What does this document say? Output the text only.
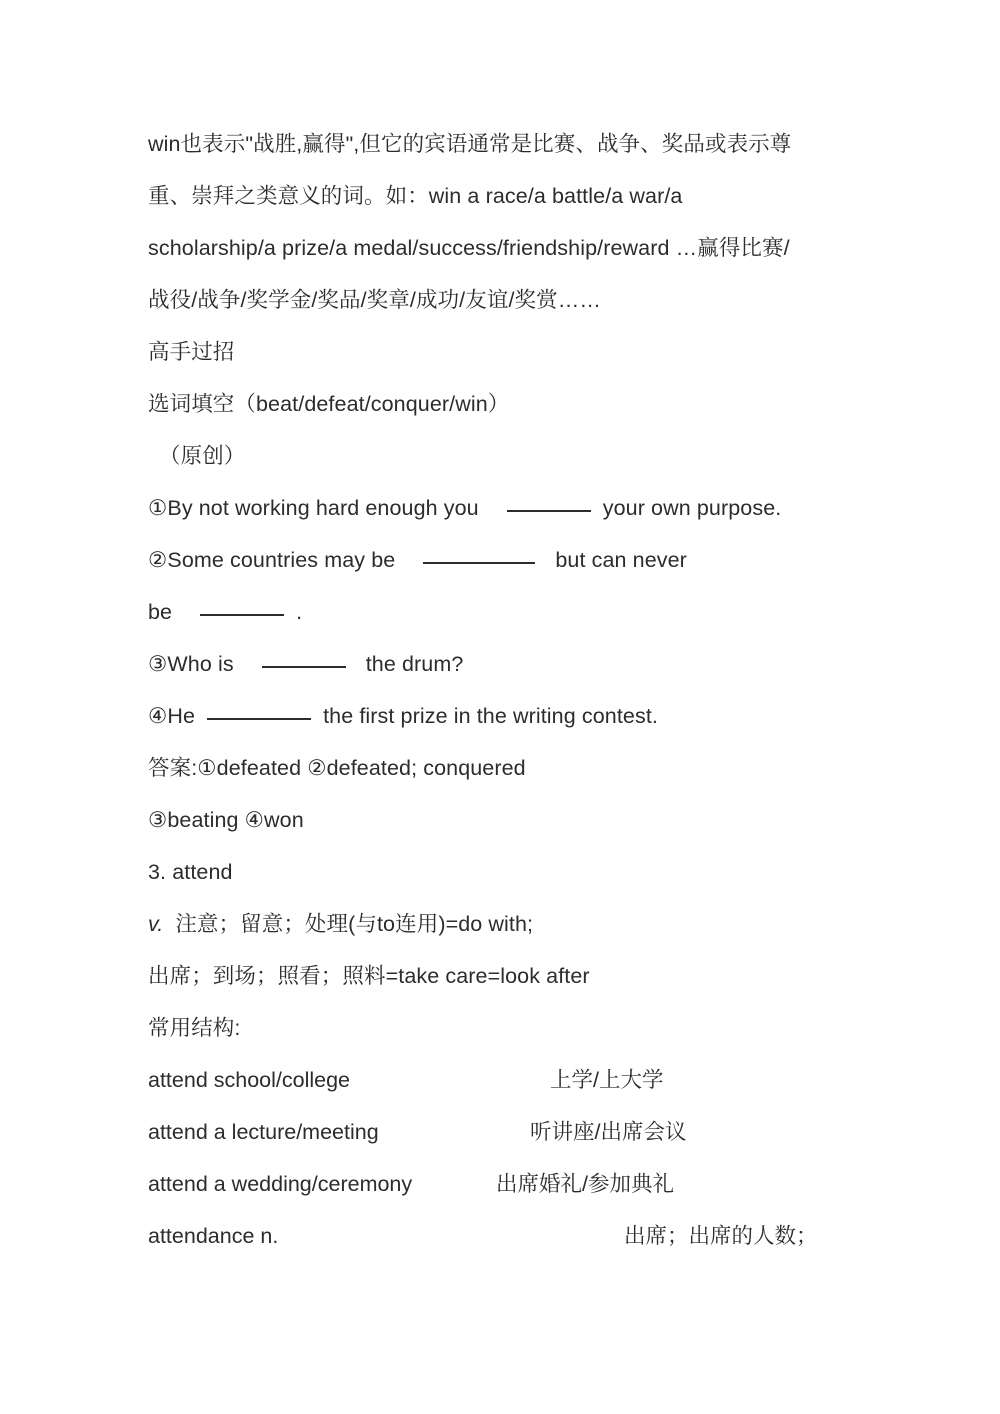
win也表示"战胜,赢得",但它的宾语通常是比赛、战争、奖品或表示尊
重、崇拜之类意义的词。如：win a race/a battle/a war/a
scholarship/a prize/a medal/success/friendship/reward …赢得比赛/
战役/战争/奖学金/奖品/奖章/成功/友谊/奖赏……
高手过招
选词填空（beat/defeat/conquer/win）
（原创）
①By not working hard enough you	your own purpose.
②Some countries may be	but can never
be	.
③Who is	the drum?
④He	the first prize in the writing contest.
答案:①defeated ②defeated; conquered
③beating ④won
3. attend
v. 注意；留意；处理(与to连用)=do with;
出席；到场；照看；照料=take care=look after
常用结构:
attend school/college	上学/上大学
attend a lecture/meeting	听讲座/出席会议
attend a wedding/ceremony	出席婚礼/参加典礼
attendance n.	出席；出席的人数；
